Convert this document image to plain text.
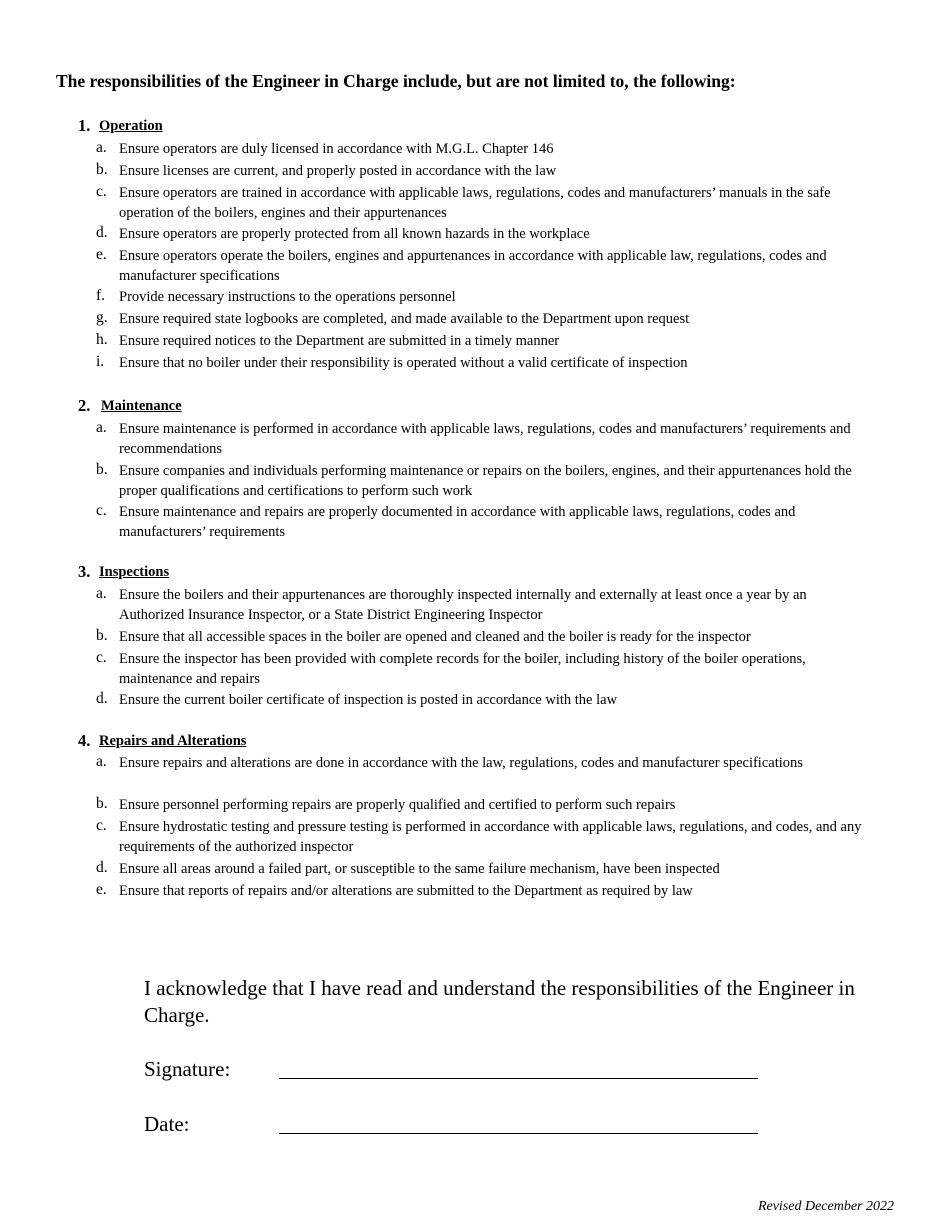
The responsibilities of the Engineer in Charge include, but are not limited to, the following:
1. Operation
a. Ensure operators are duly licensed in accordance with M.G.L. Chapter 146
b. Ensure licenses are current, and properly posted in accordance with the law
c. Ensure operators are trained in accordance with applicable laws, regulations, codes and manufacturers’ manuals in the safe operation of the boilers, engines and their appurtenances
d. Ensure operators are properly protected from all known hazards in the workplace
e. Ensure operators operate the boilers, engines and appurtenances in accordance with applicable law, regulations, codes and manufacturer specifications
f. Provide necessary instructions to the operations personnel
g. Ensure required state logbooks are completed, and made available to the Department upon request
h. Ensure required notices to the Department are submitted in a timely manner
i. Ensure that no boiler under their responsibility is operated without a valid certificate of inspection
2. Maintenance
a. Ensure maintenance is performed in accordance with applicable laws, regulations, codes and manufacturers’ requirements and recommendations
b. Ensure companies and individuals performing maintenance or repairs on the boilers, engines, and their appurtenances hold the proper qualifications and certifications to perform such work
c. Ensure maintenance and repairs are properly documented in accordance with applicable laws, regulations, codes and manufacturers’ requirements
3. Inspections
a. Ensure the boilers and their appurtenances are thoroughly inspected internally and externally at least once a year by an Authorized Insurance Inspector, or a State District Engineering Inspector
b. Ensure that all accessible spaces in the boiler are opened and cleaned and the boiler is ready for the inspector
c. Ensure the inspector has been provided with complete records for the boiler, including history of the boiler operations, maintenance and repairs
d. Ensure the current boiler certificate of inspection is posted in accordance with the law
4. Repairs and Alterations
a. Ensure repairs and alterations are done in accordance with the law, regulations, codes and manufacturer specifications
b. Ensure personnel performing repairs are properly qualified and certified to perform such repairs
c. Ensure hydrostatic testing and pressure testing is performed in accordance with applicable laws, regulations, and codes, and any requirements of the authorized inspector
d. Ensure all areas around a failed part, or susceptible to the same failure mechanism, have been inspected
e. Ensure that reports of repairs and/or alterations are submitted to the Department as required by law
I acknowledge that I have read and understand the responsibilities of the Engineer in Charge.
Signature:
Date:
Revised December 2022
